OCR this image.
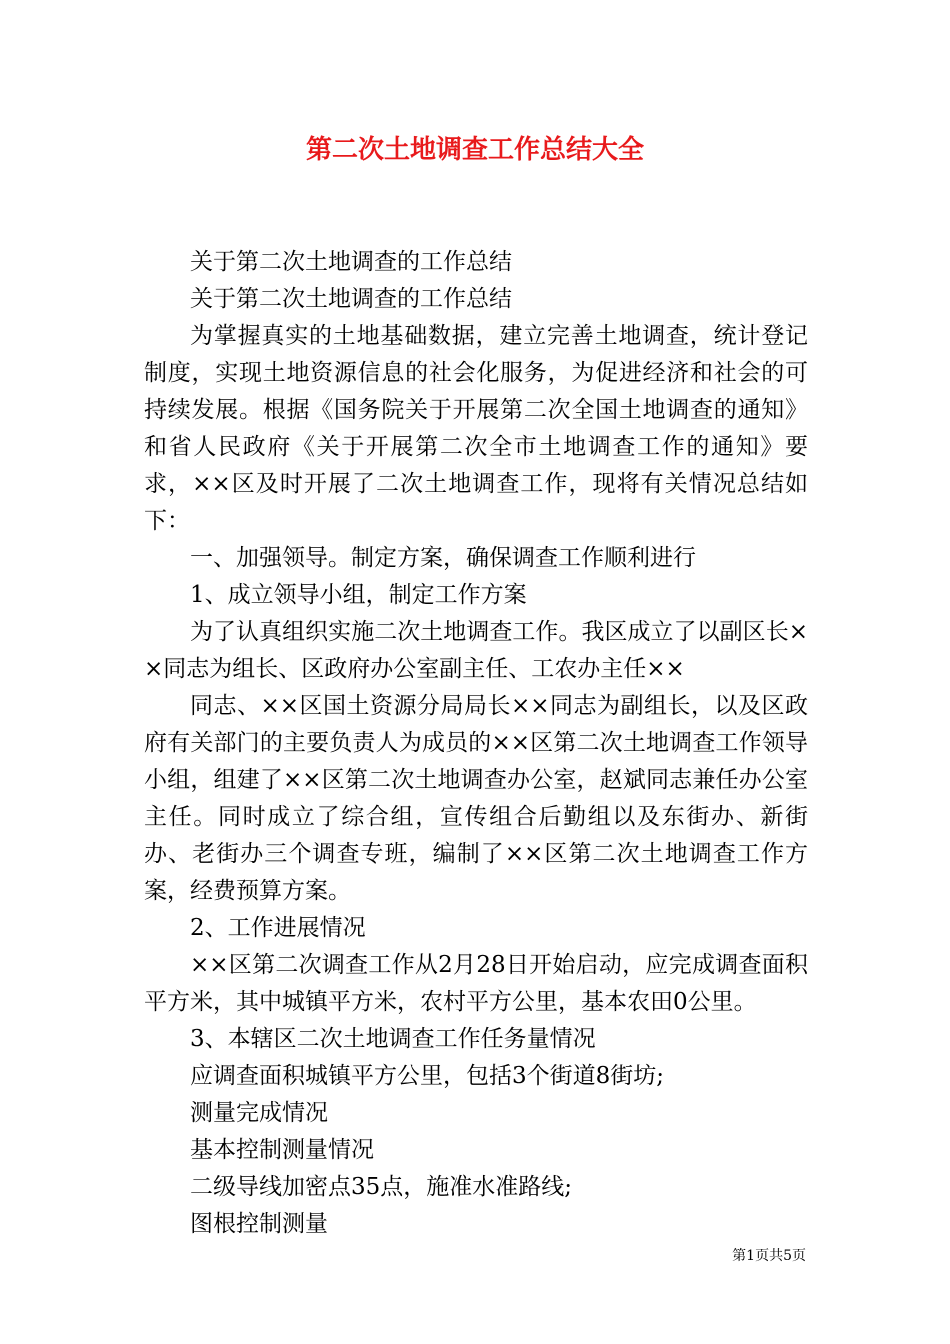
第二次土地调查工作总结大全

关于第二次土地调查的工作总结

关于第二次土地调查的工作总结

为掌握真实的土地基础数据，建立完善土地调查，统计登记制度，实现土地资源信息的社会化服务，为促进经济和社会的可持续发展。根据《国务院关于开展第二次全国土地调查的通知》和省人民政府《关于开展第二次全市土地调查工作的通知》要求，××区及时开展了二次土地调查工作，现将有关情况总结如下：

一、加强领导。制定方案，确保调查工作顺利进行

1、成立领导小组，制定工作方案

为了认真组织实施二次土地调查工作。我区成立了以副区长××同志为组长、区政府办公室副主任、工农办主任××

同志、××区国土资源分局局长××同志为副组长，以及区政府有关部门的主要负责人为成员的××区第二次土地调查工作领导小组，组建了××区第二次土地调查办公室，赵斌同志兼任办公室主任。同时成立了综合组，宣传组合后勤组以及东街办、新街办、老街办三个调查专班，编制了××区第二次土地调查工作方案，经费预算方案。

2、工作进展情况

××区第二次调查工作从2月28日开始启动，应完成调查面积平方米，其中城镇平方米，农村平方公里，基本农田0公里。

3、本辖区二次土地调查工作任务量情况

应调查面积城镇平方公里，包括3个街道8街坊;

测量完成情况

基本控制测量情况

二级导线加密点35点，施准水准路线;

图根控制测量

第1页共5页
